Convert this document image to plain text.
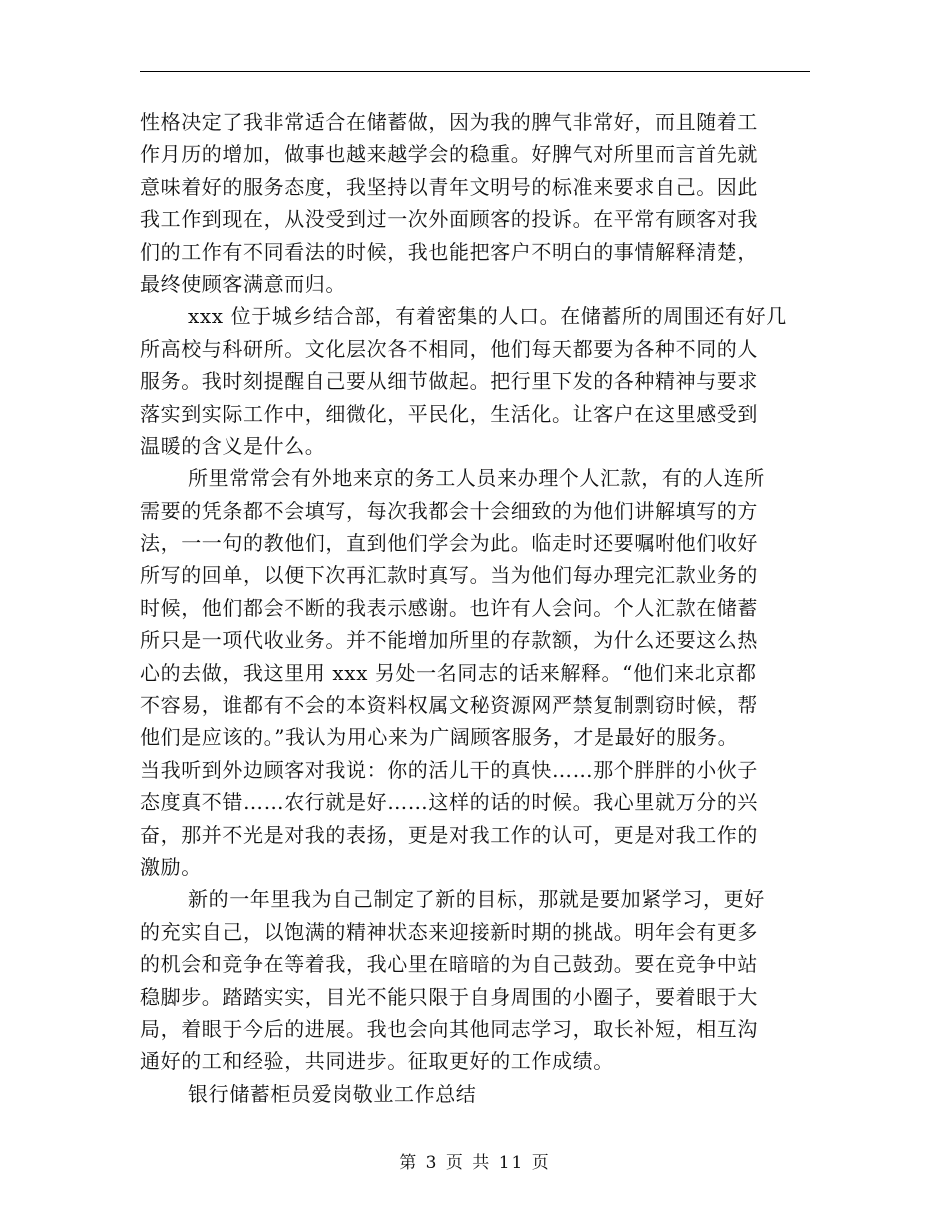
性格决定了我非常适合在储蓄做，因为我的脾气非常好，而且随着工
作月历的增加，做事也越来越学会的稳重。好脾气对所里而言首先就
意味着好的服务态度，我坚持以青年文明号的标准来要求自己。因此
我工作到现在，从没受到过一次外面顾客的投诉。在平常有顾客对我
们的工作有不同看法的时候，我也能把客户不明白的事情解释清楚，
最终使顾客满意而归。
xxx 位于城乡结合部，有着密集的人口。在储蓄所的周围还有好几
所高校与科研所。文化层次各不相同，他们每天都要为各种不同的人
服务。我时刻提醒自己要从细节做起。把行里下发的各种精神与要求
落实到实际工作中，细微化，平民化，生活化。让客户在这里感受到
温暖的含义是什么。
所里常常会有外地来京的务工人员来办理个人汇款，有的人连所
需要的凭条都不会填写，每次我都会十会细致的为他们讲解填写的方
法，一一句的教他们，直到他们学会为此。临走时还要嘱咐他们收好
所写的回单，以便下次再汇款时真写。当为他们每办理完汇款业务的
时候，他们都会不断的我表示感谢。也许有人会问。个人汇款在储蓄
所只是一项代收业务。并不能增加所里的存款额，为什么还要这么热
心的去做，我这里用 xxx 另处一名同志的话来解释。“他们来北京都
不容易，谁都有不会的本资料权属文秘资源网严禁复制剽窃时候，帮
他们是应该的。”我认为用心来为广阔顾客服务，才是最好的服务。
当我听到外边顾客对我说：你的活儿干的真快……那个胖胖的小伙子
态度真不错……农行就是好……这样的话的时候。我心里就万分的兴
奋，那并不光是对我的表扬，更是对我工作的认可，更是对我工作的
激励。
新的一年里我为自己制定了新的目标，那就是要加紧学习，更好
的充实自己，以饱满的精神状态来迎接新时期的挑战。明年会有更多
的机会和竞争在等着我，我心里在暗暗的为自己鼓劲。要在竞争中站
稳脚步。踏踏实实，目光不能只限于自身周围的小圈子，要着眼于大
局，着眼于今后的进展。我也会向其他同志学习，取长补短，相互沟
通好的工和经验，共同进步。征取更好的工作成绩。
银行储蓄柜员爱岗敬业工作总结
第 3 页 共 11 页
